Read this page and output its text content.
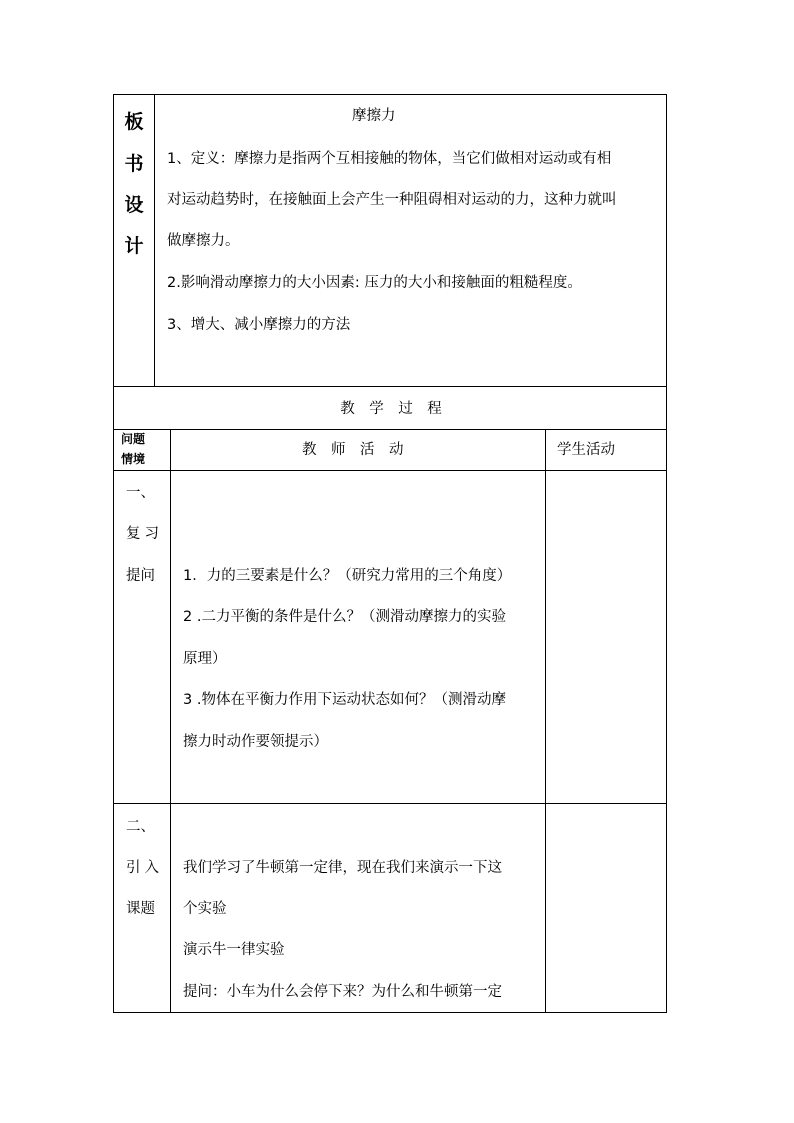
板
书
设
计
摩擦力
1、定义：摩擦力是指两个互相接触的物体，当它们做相对运动或有相
对运动趋势时，在接触面上会产生一种阻碍相对运动的力，这种力就叫
做摩擦力。
2.影响滑动摩擦力的大小因素: 压力的大小和接触面的粗糙程度。
3、增大、减小摩擦力的方法
教　学　过　程
问题
情境
教　师　活　动	学生活动
一、
复习
提问 1．力的三要素是什么？（研究力常用的三个角度）
2 .二力平衡的条件是什么？（测滑动摩擦力的实验
原理）
3 .物体在平衡力作用下运动状态如何？（测滑动摩
擦力时动作要领提示）
二、
引入
课题
我们学习了牛顿第一定律，现在我们来演示一下这
个实验
演示牛一律实验
提问：小车为什么会停下来？为什么和牛顿第一定
